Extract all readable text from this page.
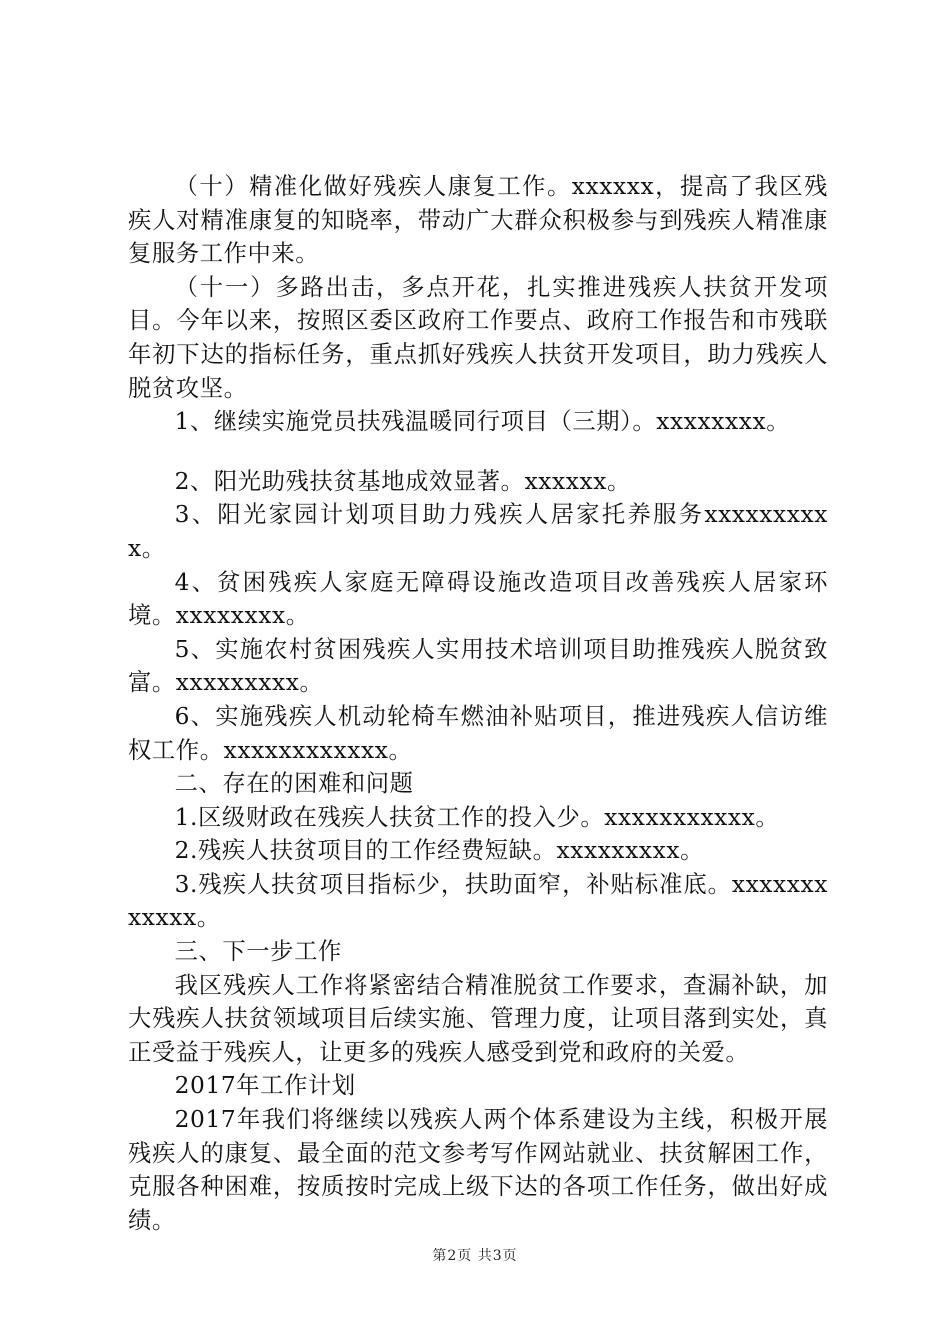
（十）精准化做好残疾人康复工作。xxxxxx，提高了我区残疾人对精准康复的知晓率，带动广大群众积极参与到残疾人精准康复服务工作中来。

（十一）多路出击，多点开花，扎实推进残疾人扶贫开发项目。今年以来，按照区委区政府工作要点、政府工作报告和市残联年初下达的指标任务，重点抓好残疾人扶贫开发项目，助力残疾人脱贫攻坚。

1、继续实施党员扶残温暖同行项目（三期）。xxxxxxxx。

2、阳光助残扶贫基地成效显著。xxxxxx。

3、阳光家园计划项目助力残疾人居家托养服务xxxxxxxxxx。

4、贫困残疾人家庭无障碍设施改造项目改善残疾人居家环境。xxxxxxxx。

5、实施农村贫困残疾人实用技术培训项目助推残疾人脱贫致富。xxxxxxxxx。

6、实施残疾人机动轮椅车燃油补贴项目，推进残疾人信访维权工作。xxxxxxxxxxxx。

二、存在的困难和问题

1.区级财政在残疾人扶贫工作的投入少。xxxxxxxxxxx。

2.残疾人扶贫项目的工作经费短缺。xxxxxxxxx。

3.残疾人扶贫项目指标少，扶助面窄，补贴标准底。xxxxxxxxxxxx。

三、下一步工作

我区残疾人工作将紧密结合精准脱贫工作要求，查漏补缺，加大残疾人扶贫领域项目后续实施、管理力度，让项目落到实处，真正受益于残疾人，让更多的残疾人感受到党和政府的关爱。

2017年工作计划

2017年我们将继续以残疾人两个体系建设为主线，积极开展残疾人的康复、最全面的范文参考写作网站就业、扶贫解困工作，克服各种困难，按质按时完成上级下达的各项工作任务，做出好成绩。

第2页 共3页
